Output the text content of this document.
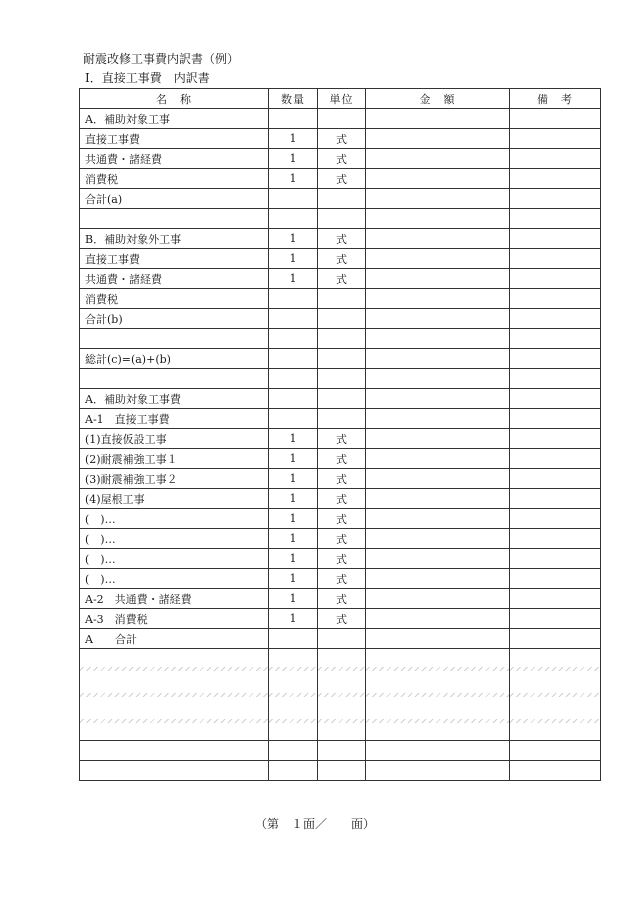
耐震改修工事費内訳書（例）
Ⅰ．直接工事費　内訳書
名　称	数量	単位	金　額	備　考
A．補助対象工事				
直接工事費	1	式		
共通費・諸経費	1	式		
消費税	1	式		
合計(a)				

B．補助対象外工事	1	式		
直接工事費	1	式		
共通費・諸経費	1	式		
消費税				
合計(b)				

総計(c)=(a)+(b)				

A．補助対象工事費				
A-1　直接工事費				
(1)直接仮設工事	1	式		
(2)耐震補強工事１	1	式		
(3)耐震補強工事２	1	式		
(4)屋根工事	1	式		
(　)…	1	式		
(　)…	1	式		
(　)…	1	式		
(　)…	1	式		
A-2　共通費・諸経費	1	式		
A-3　消費税	1	式		
A　　合計				

（第　１面／　　面）
